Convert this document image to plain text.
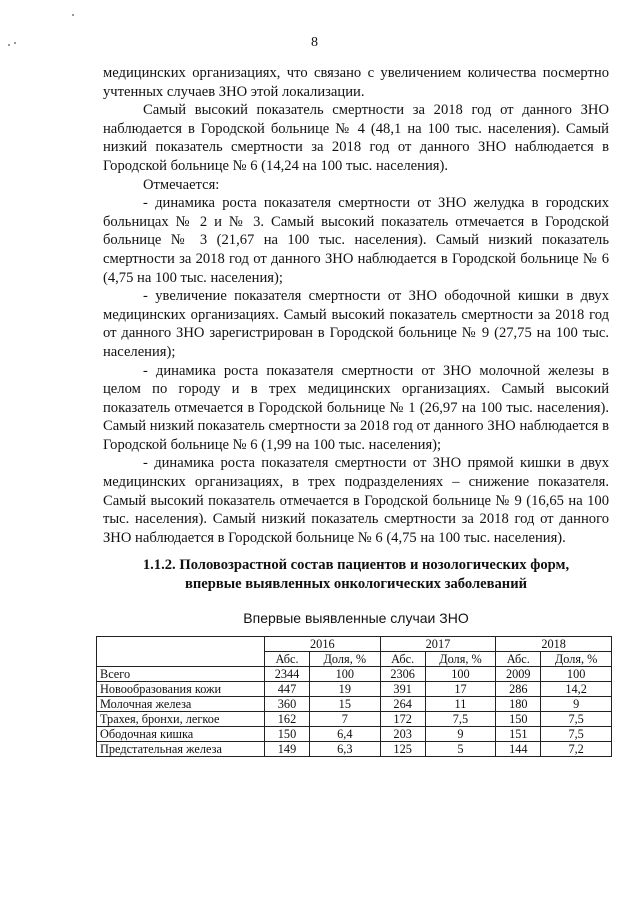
8

медицинских организациях, что связано с увеличением количества посмертно учтенных случаев ЗНО этой локализации.

Самый высокий показатель смертности за 2018 год от данного ЗНО наблюдается в Городской больнице № 4 (48,1 на 100 тыс. населения). Самый низкий показатель смертности за 2018 год от данного ЗНО наблюдается в Городской больнице № 6 (14,24 на 100 тыс. населения).

Отмечается:

- динамика роста показателя смертности от ЗНО желудка в городских больницах № 2 и № 3. Самый высокий показатель отмечается в Городской больнице № 3 (21,67 на 100 тыс. населения). Самый низкий показатель смертности за 2018 год от данного ЗНО наблюдается в Городской больнице № 6 (4,75 на 100 тыс. населения);

- увеличение показателя смертности от ЗНО ободочной кишки в двух медицинских организациях. Самый высокий показатель смертности за 2018 год от данного ЗНО зарегистрирован в Городской больнице № 9 (27,75 на 100 тыс. населения);

- динамика роста показателя смертности от ЗНО молочной железы в целом по городу и в трех медицинских организациях. Самый высокий показатель отмечается в Городской больнице № 1 (26,97 на 100 тыс. населения). Самый низкий показатель смертности за 2018 год от данного ЗНО наблюдается в Городской больнице № 6 (1,99 на 100 тыс. населения);

- динамика роста показателя смертности от ЗНО прямой кишки в двух медицинских организациях, в трех подразделениях – снижение показателя. Самый высокий показатель отмечается в Городской больнице № 9 (16,65 на 100 тыс. населения). Самый низкий показатель смертности за 2018 год от данного ЗНО наблюдается в Городской больнице № 6 (4,75 на 100 тыс. населения).

1.1.2. Половозрастной состав пациентов и нозологических форм,
впервые выявленных онкологических заболеваний
Впервые выявленные случаи ЗНО
	2016		2017		2018	
	Абс.	Доля, %	Абс.	Доля, %	Абс.	Доля, %
Всего	2344	100	2306	100	2009	100
Новообразования кожи	447	19	391	17	286	14,2
Молочная железа	360	15	264	11	180	9
Трахея, бронхи, легкое	162	7	172	7,5	150	7,5
Ободочная кишка	150	6,4	203	9	151	7,5
Предстательная железа	149	6,3	125	5	144	7,2
